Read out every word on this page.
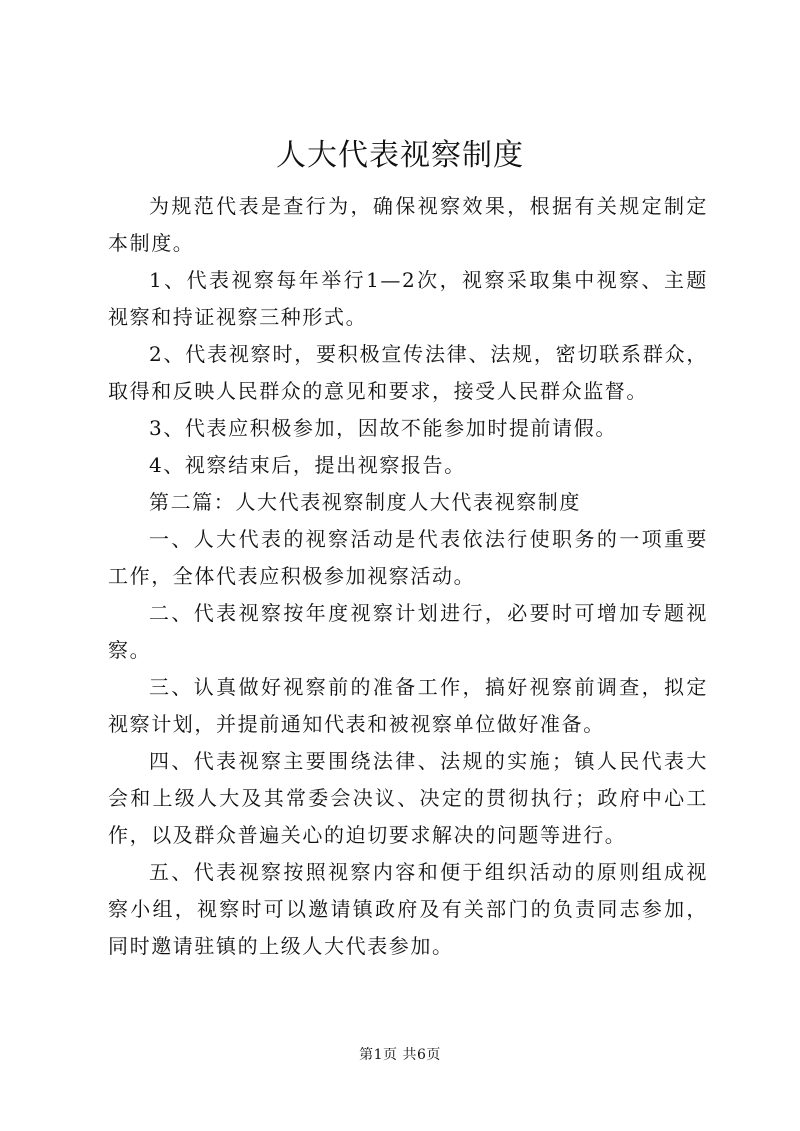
人大代表视察制度

为规范代表是查行为，确保视察效果，根据有关规定制定本制度。

1、代表视察每年举行1—2次，视察采取集中视察、主题视察和持证视察三种形式。

2、代表视察时，要积极宣传法律、法规，密切联系群众，取得和反映人民群众的意见和要求，接受人民群众监督。

3、代表应积极参加，因故不能参加时提前请假。

4、视察结束后，提出视察报告。

第二篇：人大代表视察制度人大代表视察制度

一、人大代表的视察活动是代表依法行使职务的一项重要工作，全体代表应积极参加视察活动。

二、代表视察按年度视察计划进行，必要时可增加专题视察。

三、认真做好视察前的准备工作，搞好视察前调查，拟定视察计划，并提前通知代表和被视察单位做好准备。

四、代表视察主要围绕法律、法规的实施；镇人民代表大会和上级人大及其常委会决议、决定的贯彻执行；政府中心工作，以及群众普遍关心的迫切要求解决的问题等进行。

五、代表视察按照视察内容和便于组织活动的原则组成视察小组，视察时可以邀请镇政府及有关部门的负责同志参加，同时邀请驻镇的上级人大代表参加。

第1页 共6页
